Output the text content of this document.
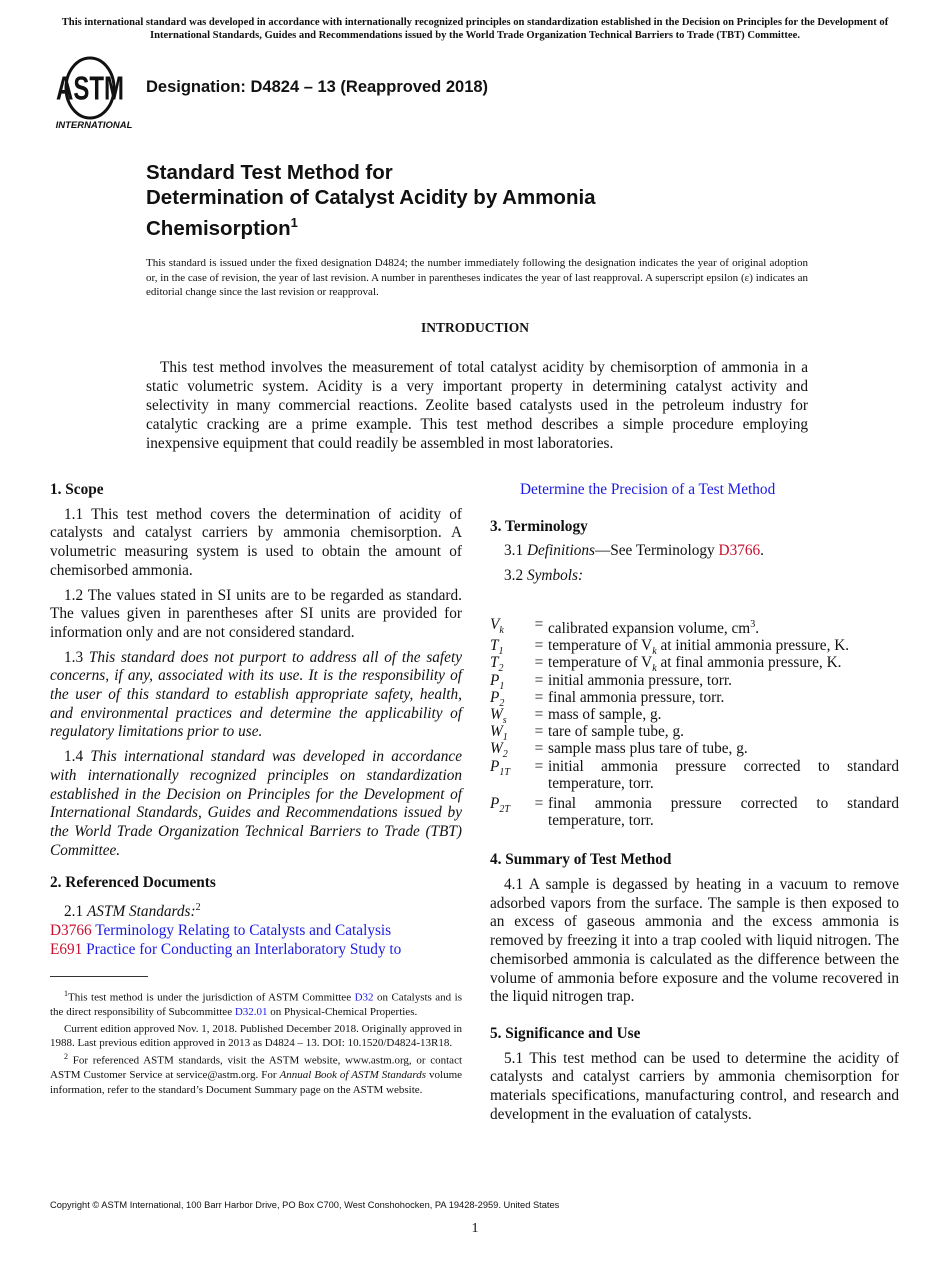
This international standard was developed in accordance with internationally recognized principles on standardization established in the Decision on Principles for the Development of International Standards, Guides and Recommendations issued by the World Trade Organization Technical Barriers to Trade (TBT) Committee.
ASTM
INTERNATIONAL
Designation: D4824 – 13 (Reapproved 2018)
Standard Test Method for
Determination of Catalyst Acidity by Ammonia
Chemisorption$^1$
This standard is issued under the fixed designation D4824; the number immediately following the designation indicates the year of original adoption or, in the case of revision, the year of last revision. A number in parentheses indicates the year of last reapproval. A superscript epsilon (ε) indicates an editorial change since the last revision or reapproval.
INTRODUCTION
This test method involves the measurement of total catalyst acidity by chemisorption of ammonia in a static volumetric system. Acidity is a very important property in determining catalyst activity and selectivity in many commercial reactions. Zeolite based catalysts used in the petroleum industry for catalytic cracking are a prime example. This test method describes a simple procedure employing inexpensive equipment that could readily be assembled in most laboratories.
1. Scope

1.1 This test method covers the determination of acidity of catalysts and catalyst carriers by ammonia chemisorption. A volumetric measuring system is used to obtain the amount of chemisorbed ammonia.

1.2 The values stated in SI units are to be regarded as standard. The values given in parentheses after SI units are provided for information only and are not considered standard.

1.3 This standard does not purport to address all of the safety concerns, if any, associated with its use. It is the responsibility of the user of this standard to establish appropriate safety, health, and environmental practices and determine the applicability of regulatory limitations prior to use.

1.4 This international standard was developed in accordance with internationally recognized principles on standardization established in the Decision on Principles for the Development of International Standards, Guides and Recommendations issued by the World Trade Organization Technical Barriers to Trade (TBT) Committee.

2. Referenced Documents

2.1 ASTM Standards:$^2$

D3766 Terminology Relating to Catalysts and Catalysis

E691 Practice for Conducting an Interlaboratory Study to

$^1$This test method is under the jurisdiction of ASTM Committee D32 on Catalysts and is the direct responsibility of Subcommittee D32.01 on Physical-Chemical Properties.

Current edition approved Nov. 1, 2018. Published December 2018. Originally approved in 1988. Last previous edition approved in 2013 as D4824 – 13. DOI: 10.1520/D4824-13R18.

$^2$ For referenced ASTM standards, visit the ASTM website, www.astm.org, or contact ASTM Customer Service at service@astm.org. For Annual Book of ASTM Standards volume information, refer to the standard’s Document Summary page on the ASTM website.

Determine the Precision of a Test Method
3. Terminology

3.1 Definitions—See Terminology D3766.

3.2 Symbols:

$V_k$	=	calibrated expansion volume, $cm^3$.
$T_1$	=	temperature of $V_k$ at initial ammonia pressure, K.
$T_2$	=	temperature of $V_k$ at final ammonia pressure, K.
$P_1$	=	initial ammonia pressure, torr.
$P_2$	=	final ammonia pressure, torr.
$W_s$	=	mass of sample, g.
$W_1$	=	tare of sample tube, g.
$W_2$	=	sample mass plus tare of tube, g.
$P_{1T}$	=	initial ammonia pressure corrected to standard temperature, torr.
$P_{2T}$	=	final ammonia pressure corrected to standard temperature, torr.
4. Summary of Test Method

4.1 A sample is degassed by heating in a vacuum to remove adsorbed vapors from the surface. The sample is then exposed to an excess of gaseous ammonia and the excess ammonia is removed by freezing it into a trap cooled with liquid nitrogen. The chemisorbed ammonia is calculated as the difference between the volume of ammonia before exposure and the volume recovered in the liquid nitrogen trap.

5. Significance and Use

5.1 This test method can be used to determine the acidity of catalysts and catalyst carriers by ammonia chemisorption for materials specifications, manufacturing control, and research and development in the evaluation of catalysts.

Copyright © ASTM International, 100 Barr Harbor Drive, PO Box C700, West Conshohocken, PA 19428-2959. United States
1
